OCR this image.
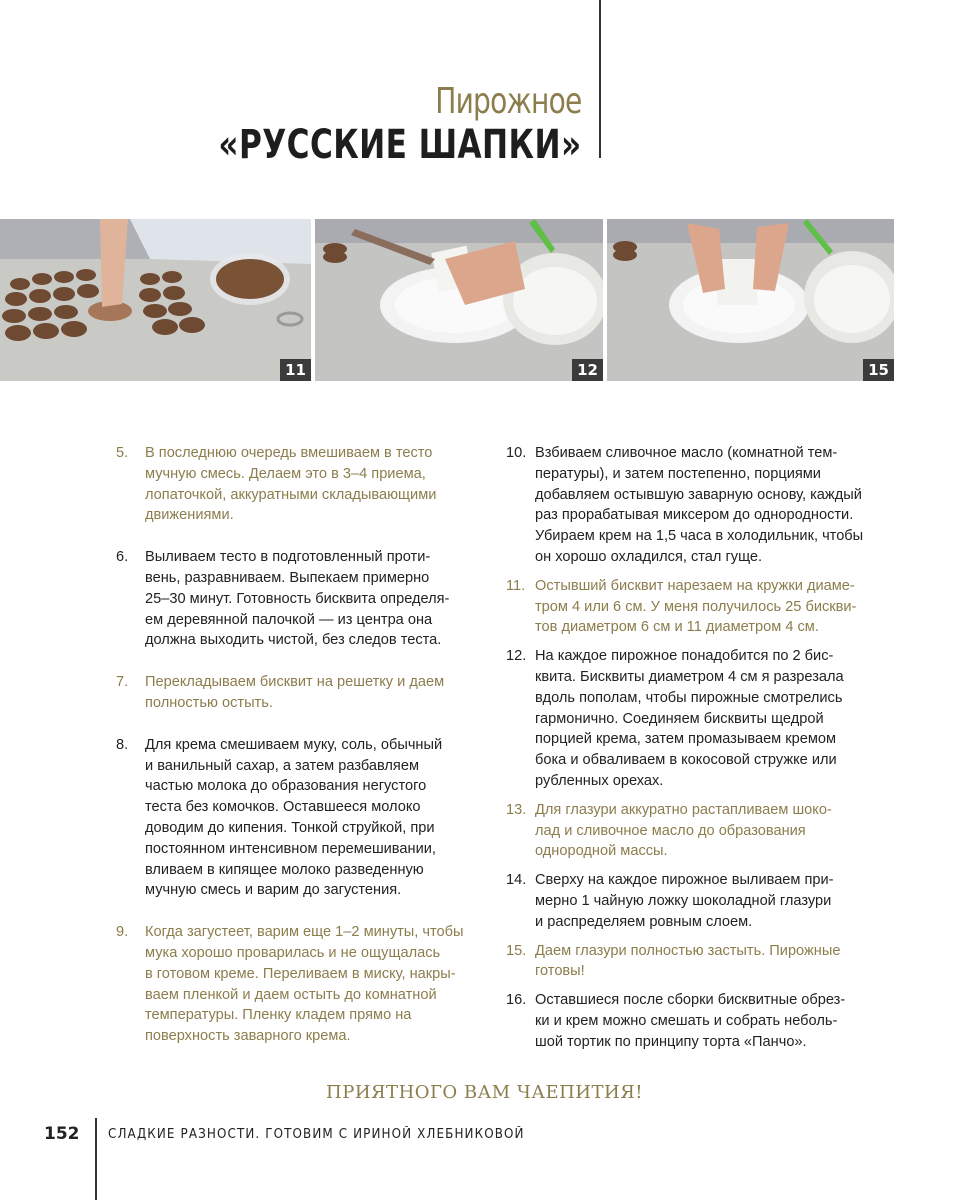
Пирожное
«РУССКИЕ ШАПКИ»
11	12	15
5.	В последнюю очередь вмешиваем в тесто
мучную смесь. Делаем это в 3–4 приема,
лопаточкой, аккуратными складывающими
движениями.
6.	Выливаем тесто в подготовленный проти-
вень, разравниваем. Выпекаем примерно
25–30 минут. Готовность бисквита определя-
ем деревянной палочкой — из центра она
должна выходить чистой, без следов теста.
7.	Перекладываем бисквит на решетку и даем
полностью остыть.
8.	Для крема смешиваем муку, соль, обычный
и ванильный сахар, а затем разбавляем
частью молока до образования негустого
теста без комочков. Оставшееся молоко
доводим до кипения. Тонкой струйкой, при
постоянном интенсивном перемешивании,
вливаем в кипящее молоко разведенную
мучную смесь и варим до загустения.
9.	Когда загустеет, варим еще 1–2 минуты, чтобы
мука хорошо проварилась и не ощущалась
в готовом креме. Переливаем в миску, накры-
ваем пленкой и даем остыть до комнатной
температуры. Пленку кладем прямо на
поверхность заварного крема.
10. Взбиваем сливочное масло (комнатной тем-
пературы), и затем постепенно, порциями
добавляем остывшую заварную основу, каждый
раз прорабатывая миксером до однородности.
Убираем крем на 1,5 часа в холодильник, чтобы
он хорошо охладился, стал гуще.
11. Остывший бисквит нарезаем на кружки диаме-
тром 4 или 6 см. У меня получилось 25 бискви-
тов диаметром 6 см и 11 диаметром 4 см.
12. На каждое пирожное понадобится по 2 бис-
квита. Бисквиты диаметром 4 см я разрезала
вдоль пополам, чтобы пирожные смотрелись
гармонично. Соединяем бисквиты щедрой
порцией крема, затем промазываем кремом
бока и обваливаем в кокосовой стружке или
рубленных орехах.
13. Для глазури аккуратно растапливаем шоко-
лад и сливочное масло до образования
однородной массы.
14. Сверху на каждое пирожное выливаем при-
мерно 1 чайную ложку шоколадной глазури
и распределяем ровным слоем.
15. Даем глазури полностью застыть. Пирожные
готовы!
16. Оставшиеся после сборки бисквитные обрез-
ки и крем можно смешать и собрать неболь-
шой тортик по принципу торта «Панчо».
ПРИЯТНОГО ВАМ ЧАЕПИТИЯ!
152 СЛАДКИЕ РАЗНОСТИ. ГОТОВИМ С ИРИНОЙ ХЛЕБНИКОВОЙ
